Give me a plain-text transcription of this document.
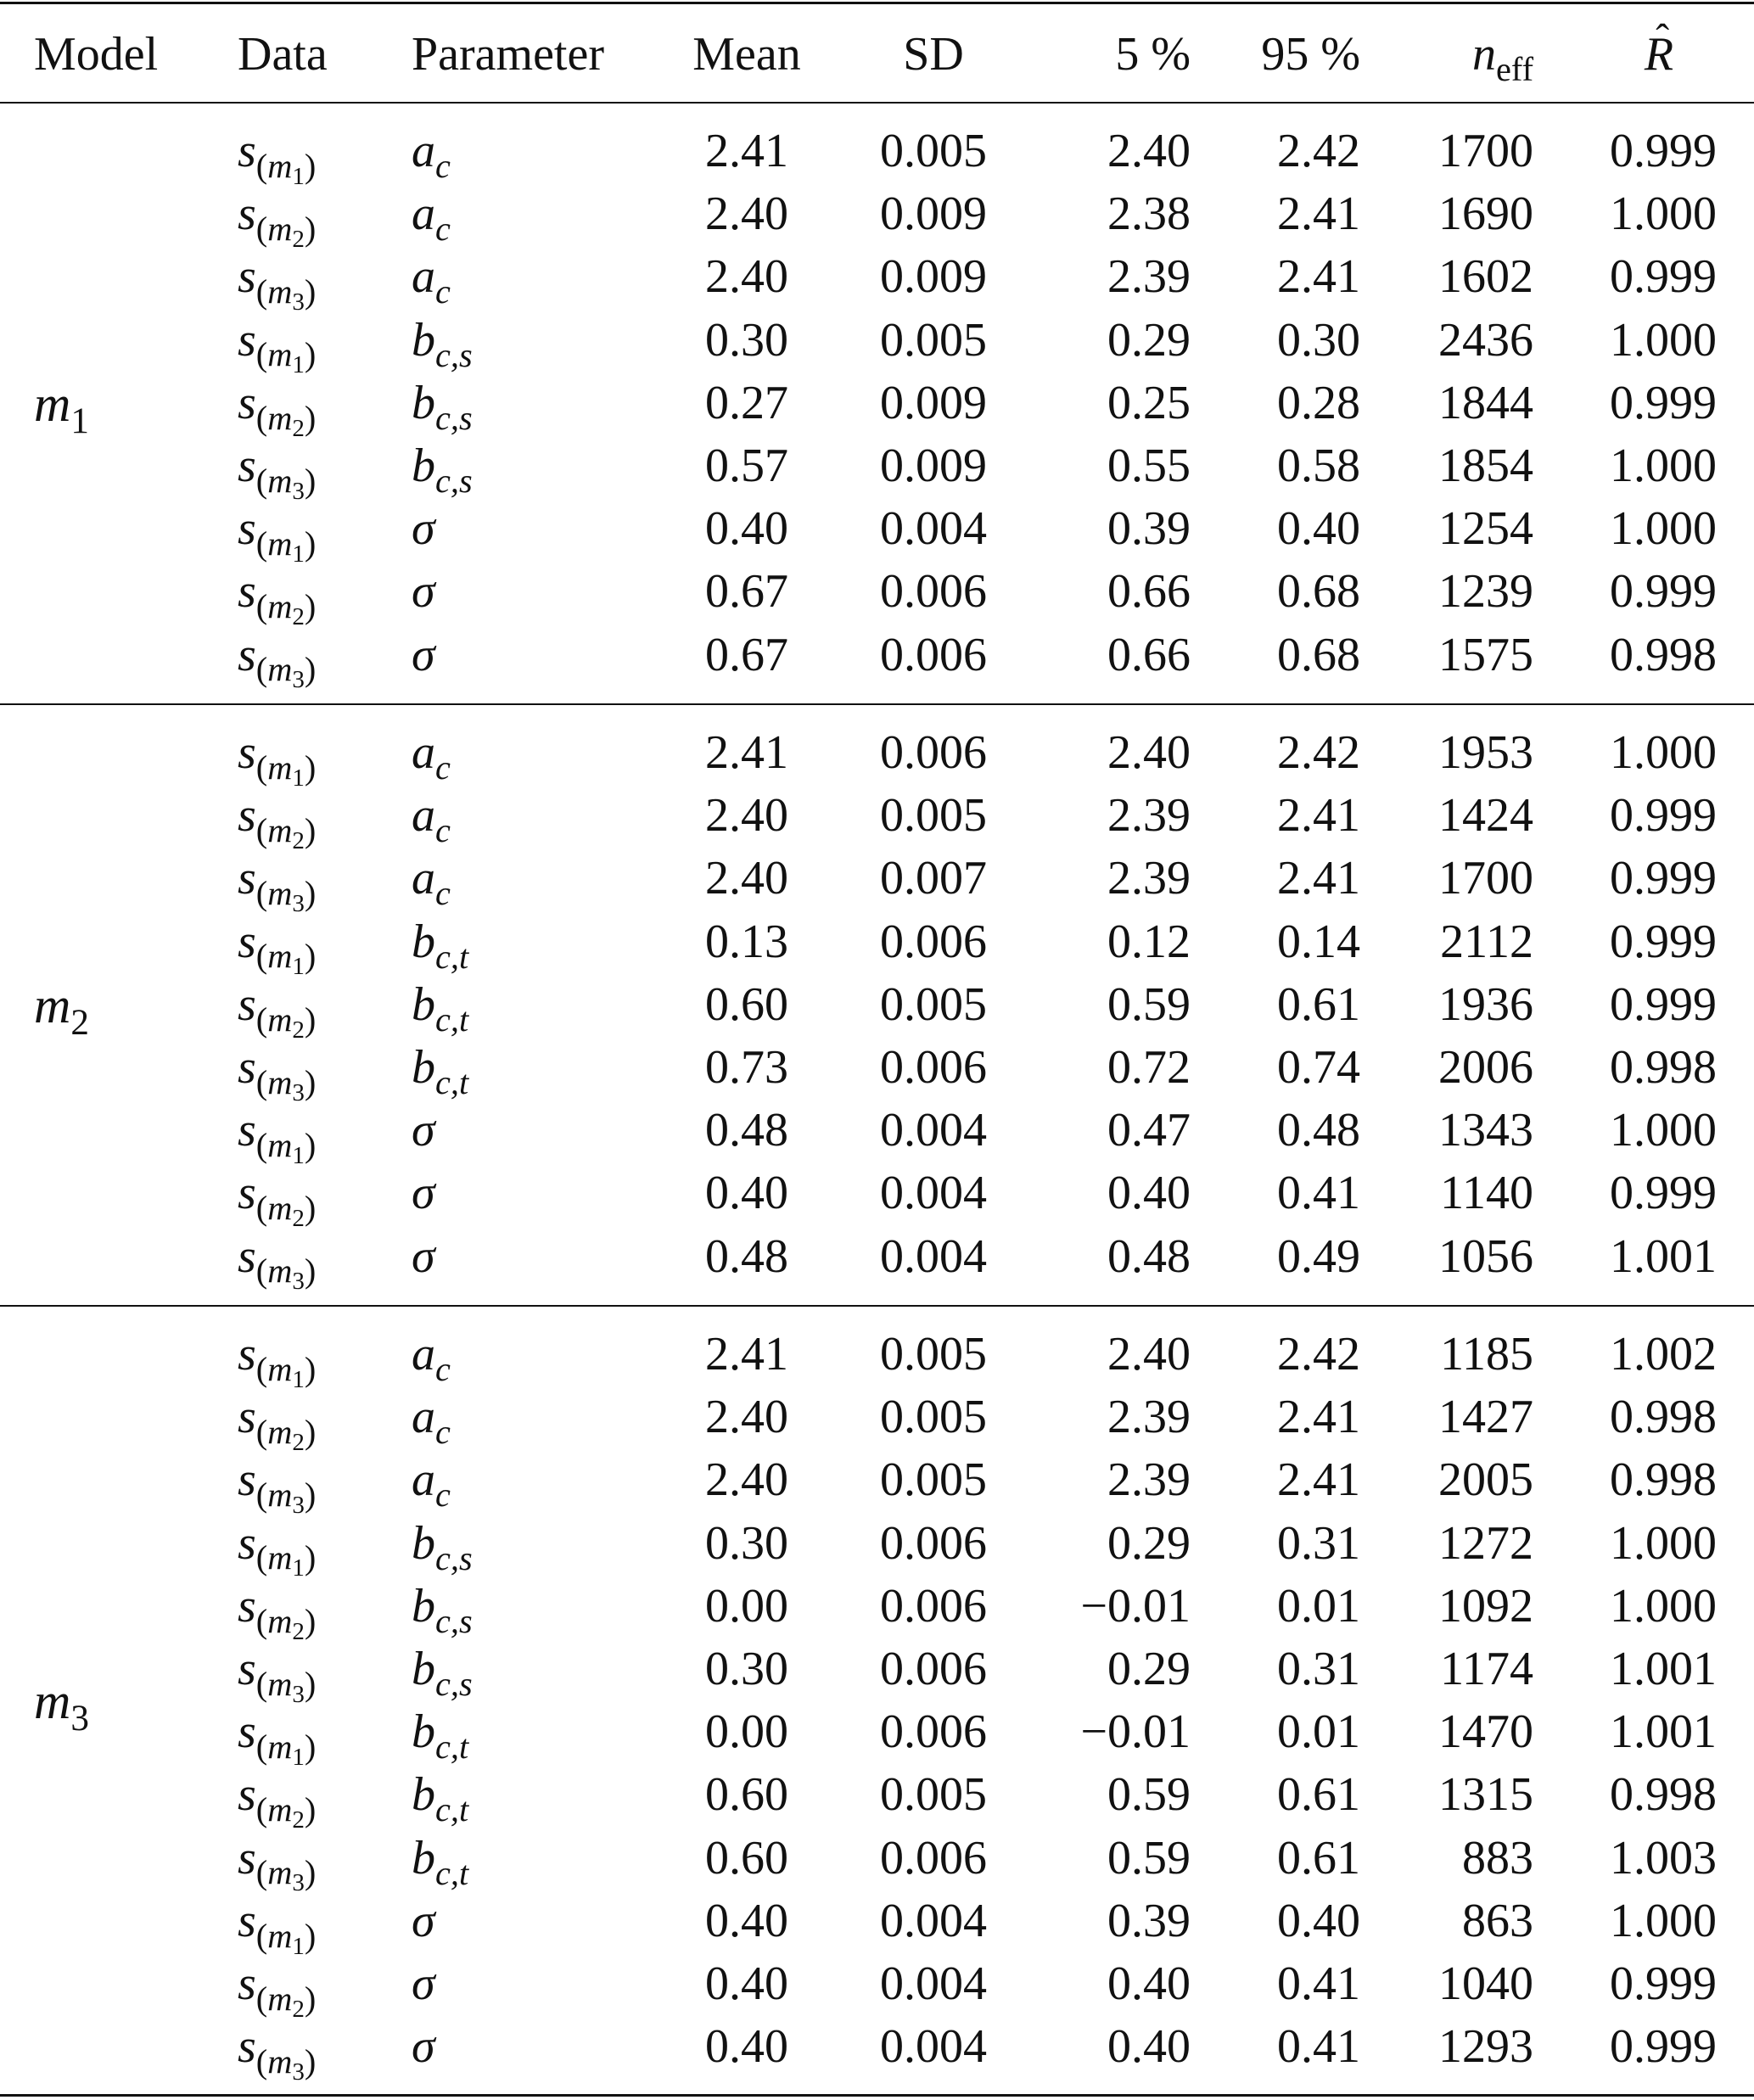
Model Data Parameter Mean SD	5 % 95 % $n_{eff}$
ˆ R
$m_1$
$s_{(m_1)}$ $a_c$	2.41 0.005	2.40 2.42 1700 0.999
$s_{(m_2)}$ $a_c$	2.40 0.009	2.38 2.41 1690 1.000
$s_{(m_3)}$ $a_c$	2.40 0.009	2.39 2.41 1602 0.999
$s_{(m_1)}$ $b_{c,s}$	0.30 0.005	0.29 0.30 2436 1.000
$s_{(m_2)}$ $b_{c,s}$	0.27 0.009	0.25 0.28 1844 0.999
$s_{(m_3)}$ $b_{c,s}$	0.57 0.009	0.55 0.58 1854 1.000
$s_{(m_1)}$ σ	0.40 0.004	0.39 0.40 1254 1.000
$s_{(m_2)}$ σ	0.67 0.006	0.66 0.68 1239 0.999
$s_{(m_3)}$ σ	0.67 0.006	0.66 0.68 1575 0.998
$m_2$
$s_{(m_1)}$ $a_c$	2.41 0.006	2.40 2.42 1953 1.000
$s_{(m_2)}$ $a_c$	2.40 0.005	2.39 2.41 1424 0.999
$s_{(m_3)}$ $a_c$	2.40 0.007	2.39 2.41 1700 0.999
$s_{(m_1)}$ $b_{c,t}$	0.13 0.006	0.12 0.14 2112 0.999
$s_{(m_2)}$ $b_{c,t}$	0.60 0.005	0.59 0.61 1936 0.999
$s_{(m_3)}$ $b_{c,t}$	0.73 0.006	0.72 0.74 2006 0.998
$s_{(m_1)}$ σ	0.48 0.004	0.47 0.48 1343 1.000
$s_{(m_2)}$ σ	0.40 0.004	0.40 0.41 1140 0.999
$s_{(m_3)}$ σ	0.48 0.004	0.48 0.49 1056 1.001
$m_3$
$s_{(m_1)}$ $a_c$	2.41 0.005	2.40 2.42 1185 1.002
$s_{(m_2)}$ $a_c$	2.40 0.005	2.39 2.41 1427 0.998
$s_{(m_3)}$ $a_c$	2.40 0.005	2.39 2.41 2005 0.998
$s_{(m_1)}$ $b_{c,s}$	0.30 0.006	0.29 0.31 1272 1.000
$s_{(m_2)}$ $b_{c,s}$	0.00 0.006 −0.01 0.01 1092 1.000
$s_{(m_3)}$ $b_{c,s}$	0.30 0.006	0.29 0.31 1174 1.001
$s_{(m_1)}$ $b_{c,t}$	0.00 0.006 −0.01 0.01 1470 1.001
$s_{(m_2)}$ $b_{c,t}$	0.60 0.005	0.59 0.61 1315 0.998
$s_{(m_3)}$ $b_{c,t}$	0.60 0.006	0.59 0.61 883 1.003
$s_{(m_1)}$ σ	0.40 0.004	0.39 0.40 863 1.000
$s_{(m_2)}$ σ	0.40 0.004	0.40 0.41 1040 0.999
$s_{(m_3)}$ σ	0.40 0.004	0.40 0.41 1293 0.999
